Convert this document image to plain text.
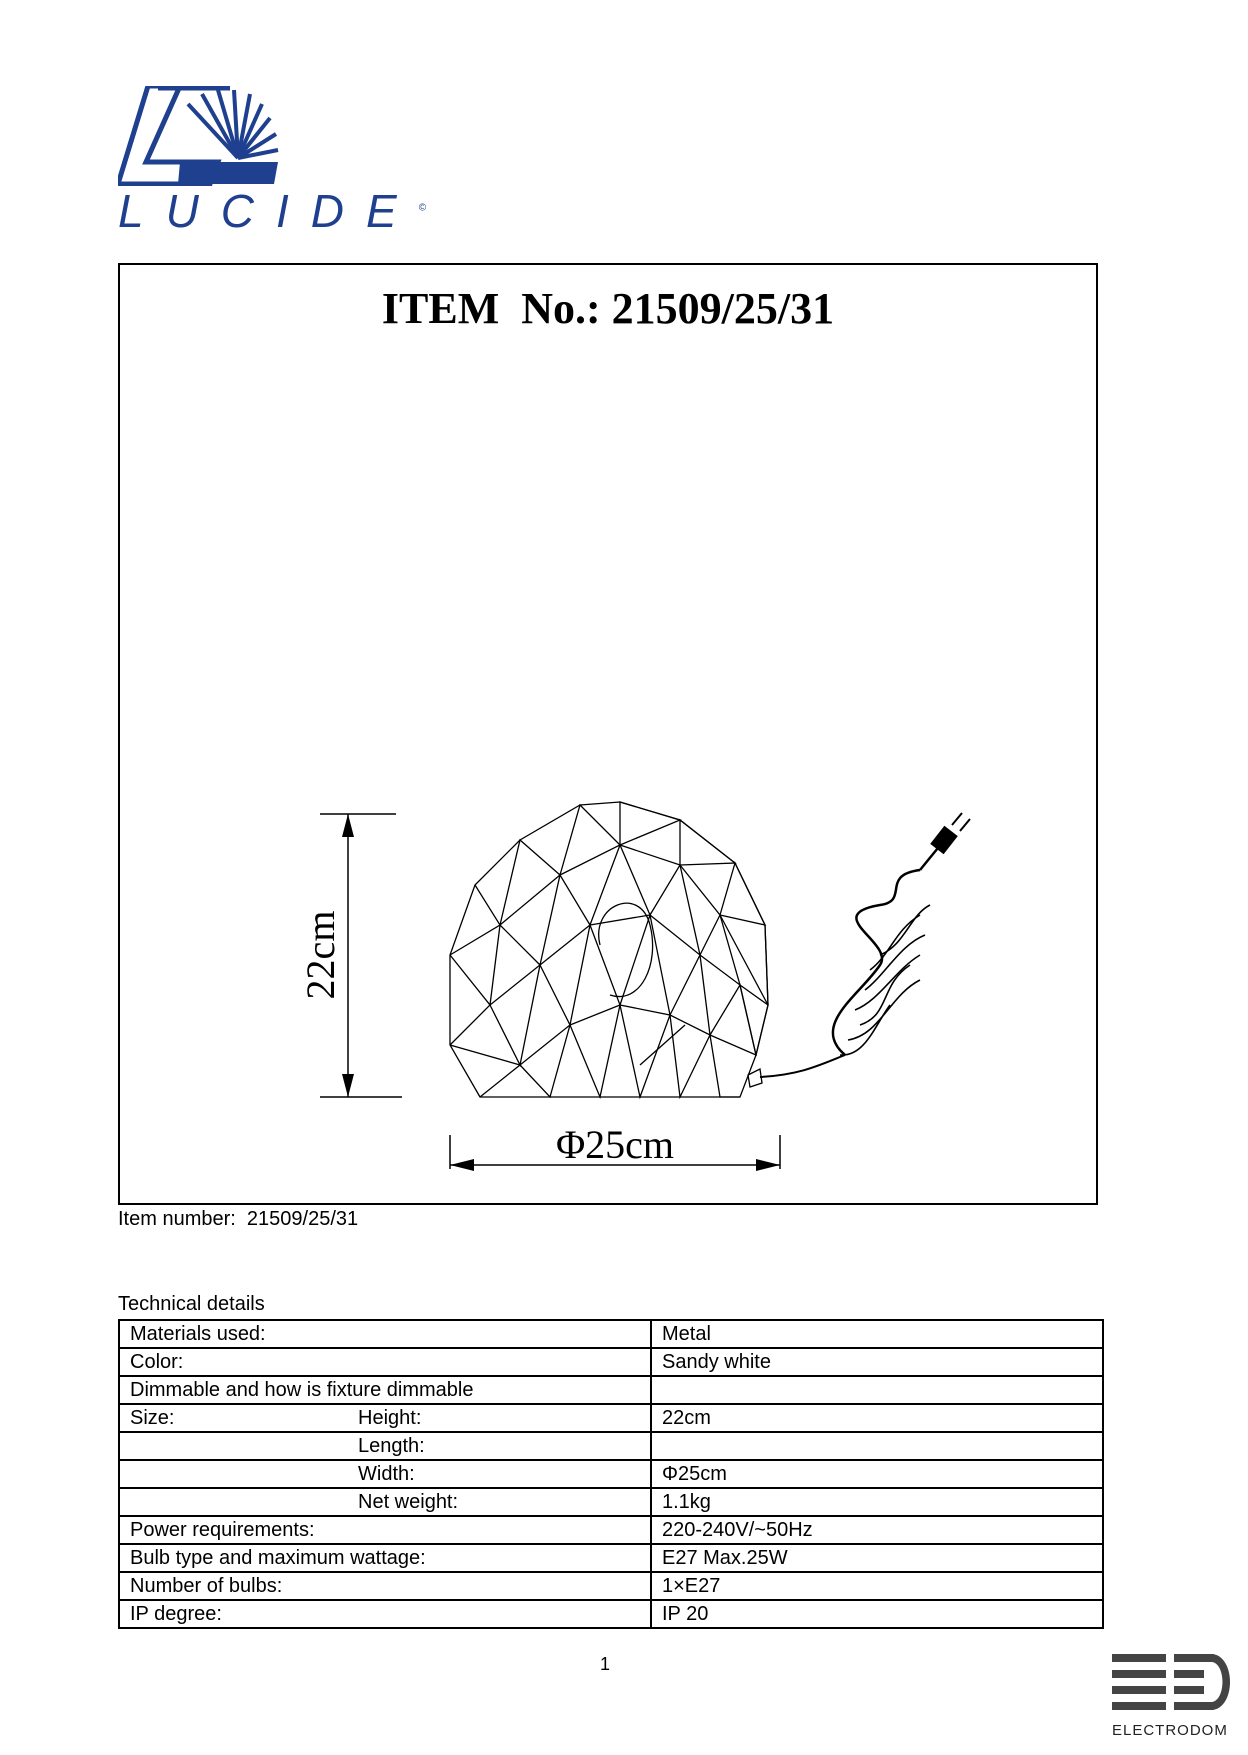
LUCIDE©
ITEM  No.: 21509/25/31
22cm
Φ25cm
Item number:  21509/25/31
Technical details
Materials used:	Metal
Color:	Sandy white
Dimmable and how is fixture dimmable	
Size: Height:	22cm
Length:	
Width:	Φ25cm
Net weight:	1.1kg
Power requirements:	220-240V/~50Hz
Bulb type and maximum wattage:	E27 Max.25W
Number of bulbs:	1×E27
IP degree:	IP 20
1
ELECTRODOM
